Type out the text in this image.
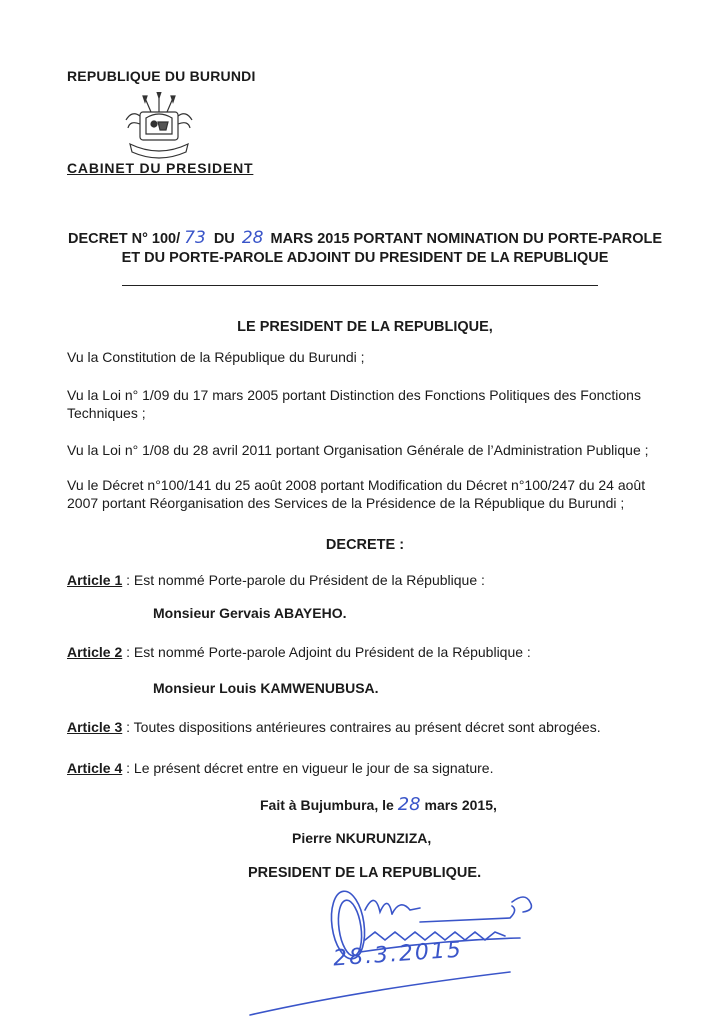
REPUBLIQUE DU BURUNDI
CABINET DU PRESIDENT
DECRET N° 100/ 73 DU 28 MARS 2015 PORTANT NOMINATION DU PORTE-PAROLE
ET DU PORTE-PAROLE ADJOINT DU PRESIDENT DE LA REPUBLIQUE
LE PRESIDENT DE LA REPUBLIQUE,
Vu la Constitution de la République du Burundi ;
Vu la Loi n° 1/09 du 17 mars 2005 portant Distinction des Fonctions Politiques des Fonctions
Techniques ;
Vu la Loi n° 1/08 du 28 avril 2011 portant Organisation Générale de l’Administration Publique ;
Vu le Décret n°100/141 du 25 août 2008 portant Modification du Décret n°100/247 du 24 août
2007 portant Réorganisation des Services de la Présidence de la République du Burundi ;
DECRETE :
Article 1 : Est nommé Porte-parole du Président de la République :
Monsieur Gervais ABAYEHO.
Article 2 : Est nommé Porte-parole Adjoint du Président de la République :
Monsieur Louis KAMWENUBUSA.
Article 3 : Toutes dispositions antérieures contraires au présent décret sont abrogées.
Article 4 : Le présent décret entre en vigueur le jour de sa signature.
Fait à Bujumbura, le 28 mars 2015,
Pierre NKURUNZIZA,
PRESIDENT DE LA REPUBLIQUE.
28.3.2015
